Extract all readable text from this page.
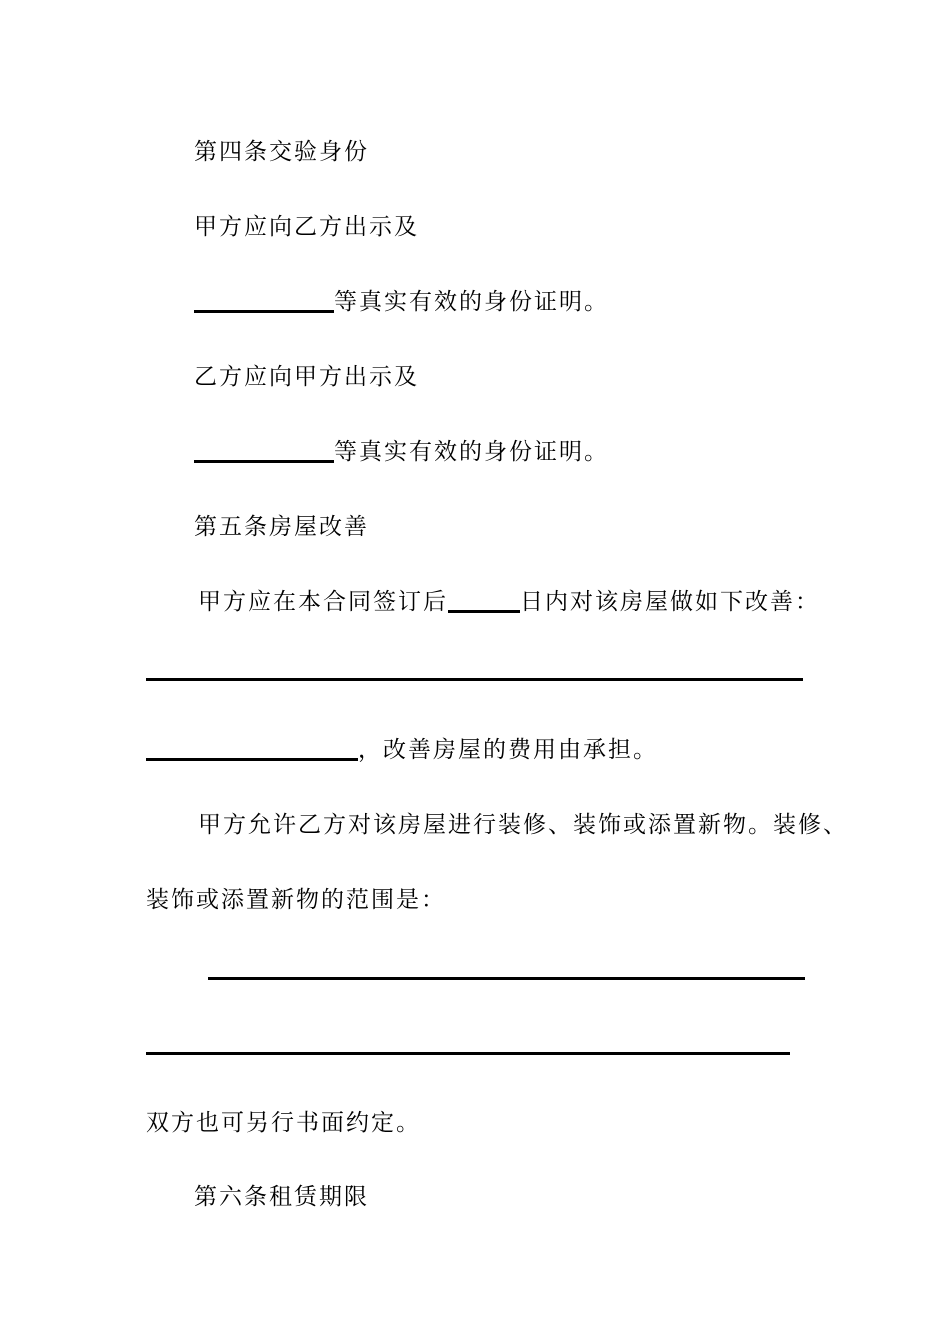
第四条交验身份
甲方应向乙方出示及
等真实有效的身份证明。
乙方应向甲方出示及
等真实有效的身份证明。
第五条房屋改善
甲方应在本合同签订后	日内对该房屋做如下改善：
，改善房屋的费用由承担。
甲方允许乙方对该房屋进行装修、装饰或添置新物。装修、
装饰或添置新物的范围是：
双方也可另行书面约定。
第六条租赁期限
